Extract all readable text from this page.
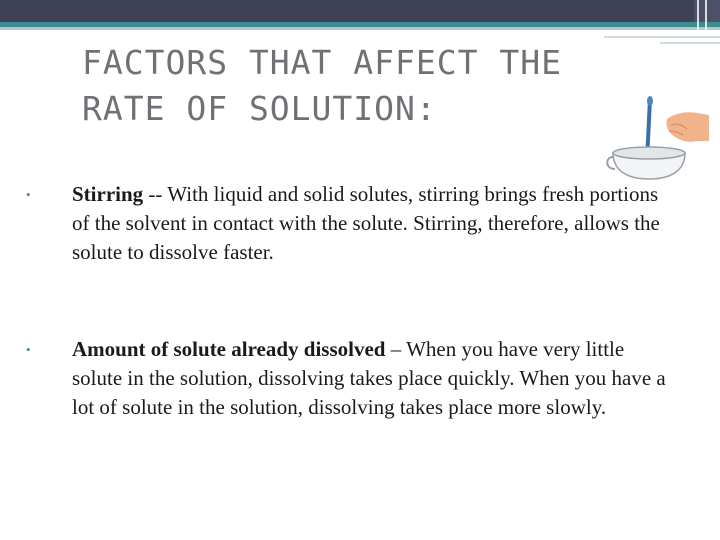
FACTORS THAT AFFECT THE
RATE OF SOLUTION:
• Stirring -- With liquid and solid solutes, stirring brings fresh portions of the solvent in contact with the solute. Stirring, therefore, allows the solute to dissolve faster.
• Amount of solute already dissolved – When you have very little solute in the solution, dissolving takes place quickly. When you have a lot of solute in the solution, dissolving takes place more slowly.
